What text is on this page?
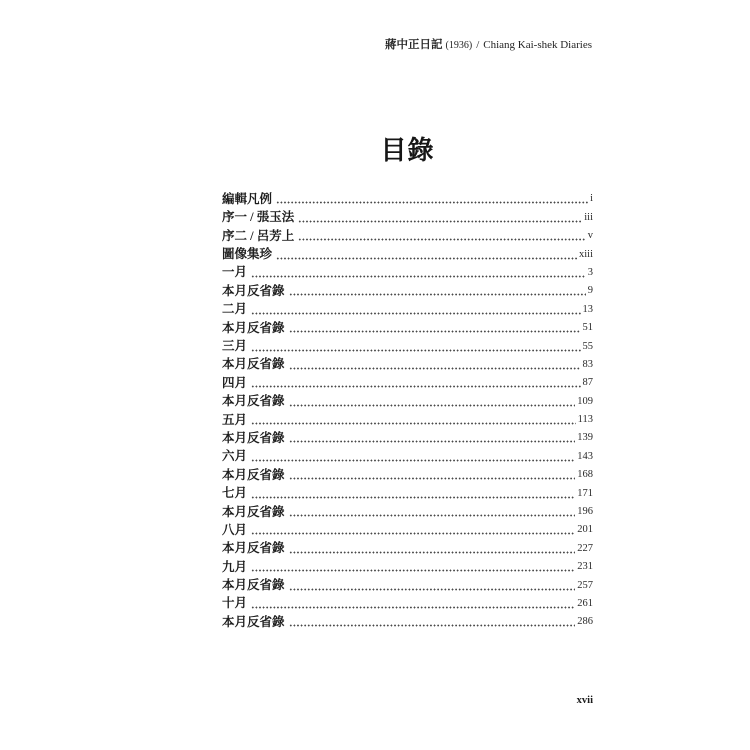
蔣中正日記 (1936) / Chiang Kai-shek Diaries
目錄
編輯凡例	i
序一 / 張玉法	iii
序二 / 呂芳上	v
圖像集珍	xiii
一月	3
本月反省錄	9
二月	13
本月反省錄	51
三月	55
本月反省錄	83
四月	87
本月反省錄	109
五月	113
本月反省錄	139
六月	143
本月反省錄	168
七月	171
本月反省錄	196
八月	201
本月反省錄	227
九月	231
本月反省錄	257
十月	261
本月反省錄	286
xvii
